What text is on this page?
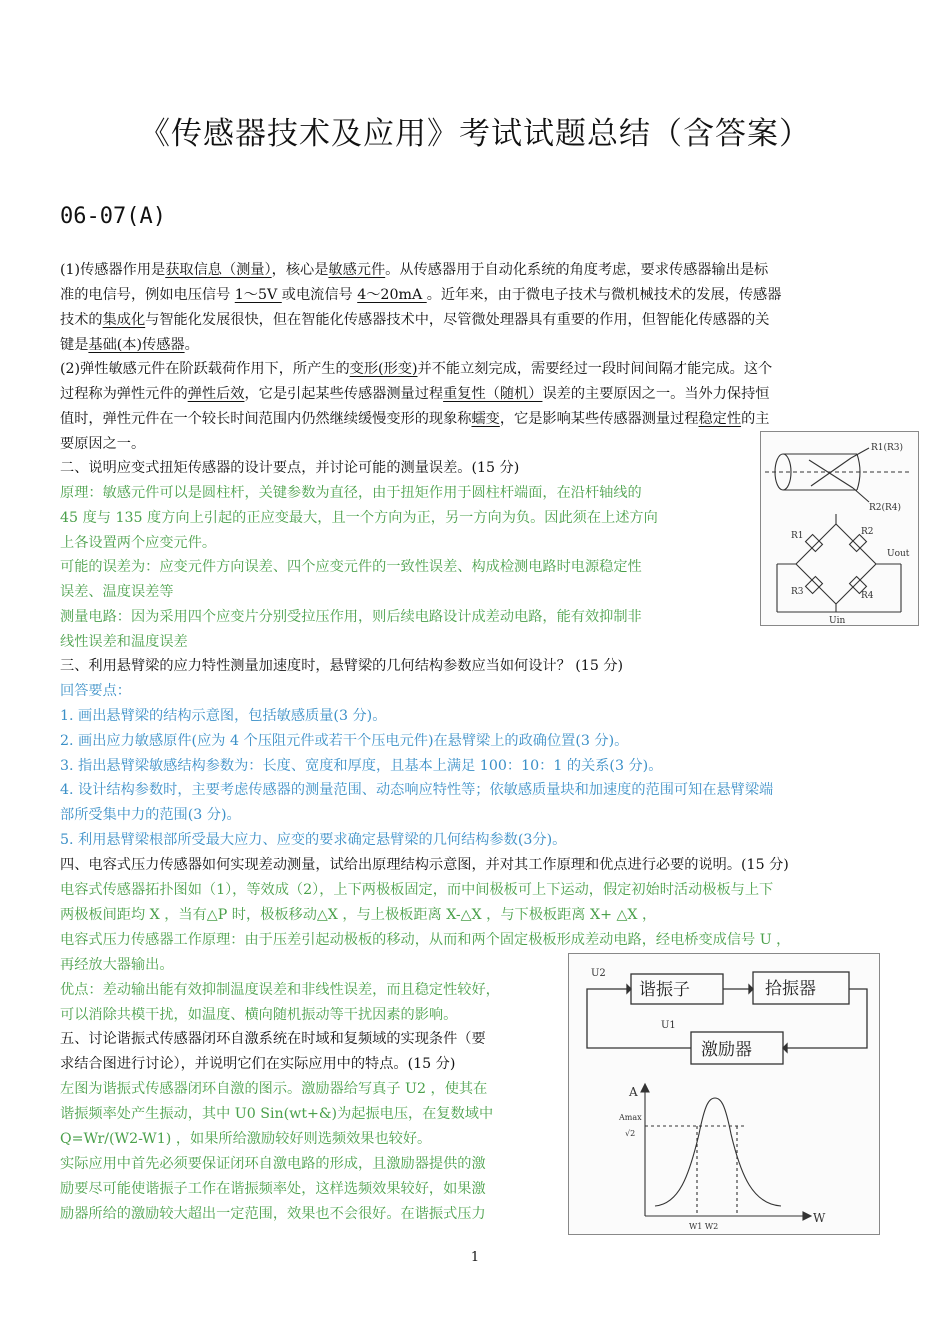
《传感器技术及应用》考试试题总结（含答案）
06-07(A)
(1)传感器作用是获取信息（测量），核心是敏感元件。从传感器用于自动化系统的角度考虑，要求传感器输出是标
准的电信号，例如电压信号 1～5V 或电流信号 4～20mA 。近年来，由于微电子技术与微机械技术的发展，传感器
技术的集成化与智能化发展很快，但在智能化传感器技术中，尽管微处理器具有重要的作用，但智能化传感器的关
键是基础(本)传感器。
(2)弹性敏感元件在阶跃载荷作用下，所产生的变形(形变)并不能立刻完成，需要经过一段时间间隔才能完成。这个
过程称为弹性元件的弹性后效，它是引起某些传感器测量过程重复性（随机）误差的主要原因之一。当外力保持恒
值时，弹性元件在一个较长时间范围内仍然继续缓慢变形的现象称蠕变，它是影响某些传感器测量过程稳定性的主
要原因之一。
二、说明应变式扭矩传感器的设计要点，并讨论可能的测量误差。(15 分)
原理：敏感元件可以是圆柱杆，关键参数为直径，由于扭矩作用于圆柱杆端面，在沿杆轴线的
45 度与 135 度方向上引起的正应变最大，且一个方向为正，另一方向为负。因此须在上述方向
上各设置两个应变元件。
可能的误差为：应变元件方向误差、四个应变元件的一致性误差、构成检测电路时电源稳定性
误差、温度误差等
测量电路：因为采用四个应变片分别受拉压作用，则后续电路设计成差动电路，能有效抑制非
线性误差和温度误差
三、利用悬臂梁的应力特性测量加速度时，悬臂梁的几何结构参数应当如何设计？ (15 分)
回答要点：
1. 画出悬臂梁的结构示意图，包括敏感质量(3 分)。
2. 画出应力敏感原件(应为 4 个压阻元件或若干个压电元件)在悬臂梁上的政确位置(3 分)。
3. 指出悬臂梁敏感结构参数为：长度、宽度和厚度，且基本上满足 100：10：1 的关系(3 分)。
4. 设计结构参数时，主要考虑传感器的测量范围、动态响应特性等；依敏感质量块和加速度的范围可知在悬臂梁端
部所受集中力的范围(3 分)。
5. 利用悬臂梁根部所受最大应力、应变的要求确定悬臂梁的几何结构参数(3分)。
四、电容式压力传感器如何实现差动测量，试给出原理结构示意图，并对其工作原理和优点进行必要的说明。(15 分)
电容式传感器拓扑图如（1），等效成（2），上下两极板固定，而中间极板可上下运动，假定初始时活动极板与上下
两极板间距均 X ，当有△P 时，极板移动△X ，与上极板距离 X-△X ，与下极板距离 X+ △X ，
电容式压力传感器工作原理：由于压差引起动极板的移动，从而和两个固定极板形成差动电路，经电桥变成信号 U ，
再经放大器输出。
优点：差动输出能有效抑制温度误差和非线性误差，而且稳定性较好，
可以消除共模干扰，如温度、横向随机振动等干扰因素的影响。
五、讨论谐振式传感器闭环自激系统在时域和复频域的实现条件（要
求结合图进行讨论），并说明它们在实际应用中的特点。(15 分)
左图为谐振式传感器闭环自激的图示。激励器给写真子 U2 ，使其在
谐振频率处产生振动，其中 U0 Sin(wt+&)为起振电压，在复数域中
Q=Wr/(W2-W1) ，如果所给激励较好则选频效果也较好。
实际应用中首先必须要保证闭环自激电路的形成，且激励器提供的激
励要尽可能使谐振子工作在谐振频率处，这样选频效果较好，如果激
励器所给的激励较大超出一定范围，效果也不会很好。在谐振式压力
R1(R3)
R2(R4)
R1	R2
R3	R4
Uout
Uin
谐振子	拾振器
激励器
U2
U1
A
Amax
√2
W
W1 W2
1
